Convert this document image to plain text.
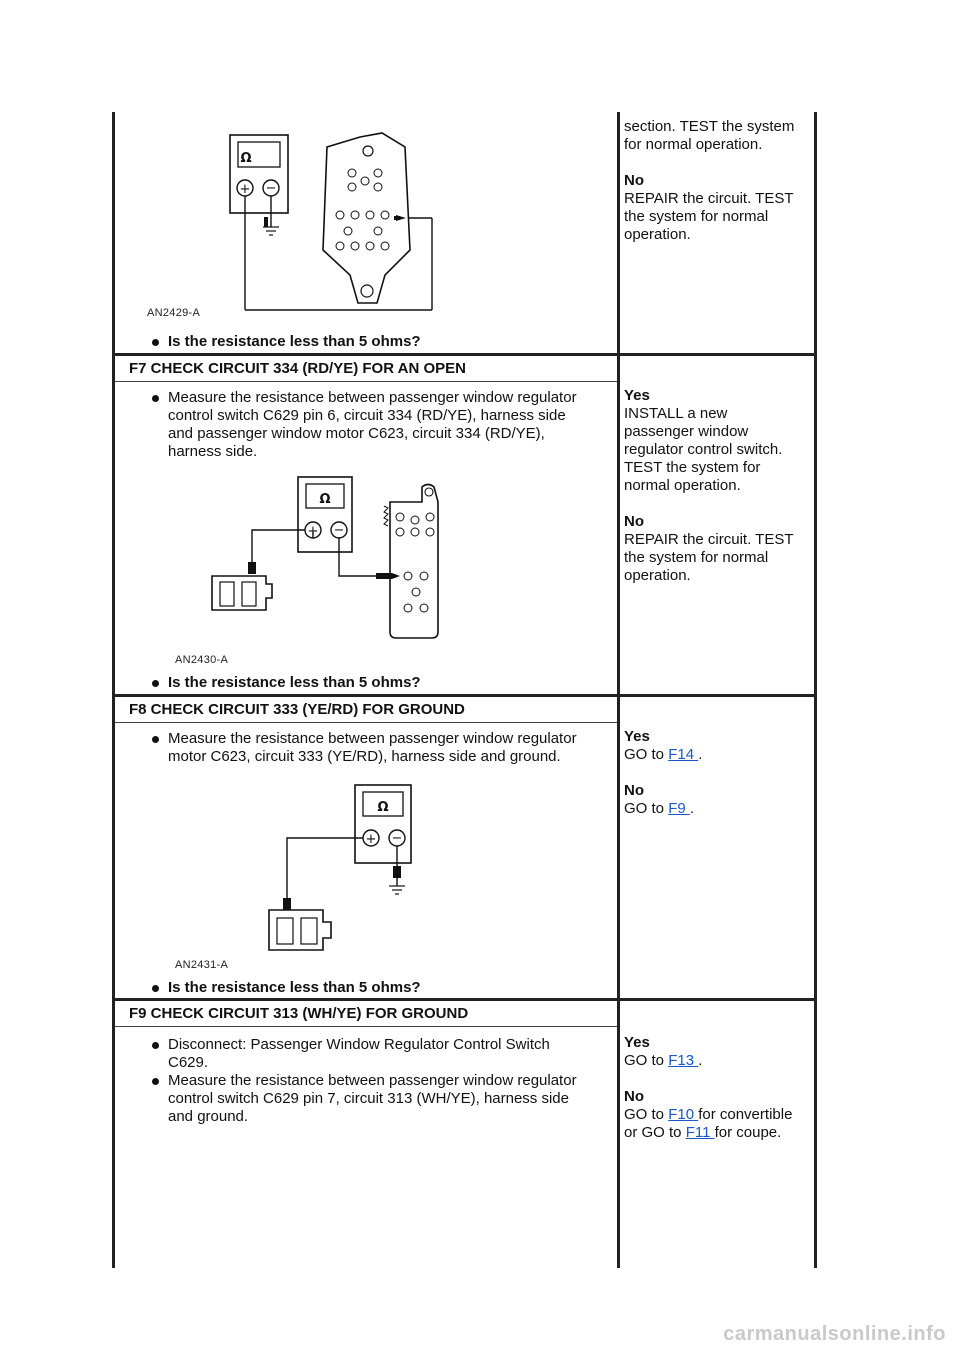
Ω
+ −
AN2429-A
Is the resistance less than 5 ohms?
section. TEST the system
for normal operation.
No
REPAIR the circuit. TEST
the system for normal
operation.
F7 CHECK CIRCUIT 334 (RD/YE) FOR AN OPEN
Measure the resistance between passenger window regulator
control switch C629 pin 6, circuit 334 (RD/YE), harness side
and passenger window motor C623, circuit 334 (RD/YE),
harness side.
Ω
+ −
AN2430-A
Is the resistance less than 5 ohms?
Yes
INSTALL a new
passenger window
regulator control switch.
TEST the system for
normal operation.
No
REPAIR the circuit. TEST
the system for normal
operation.
F8 CHECK CIRCUIT 333 (YE/RD) FOR GROUND
Measure the resistance between passenger window regulator
motor C623, circuit 333 (YE/RD), harness side and ground.
Ω
+ −
AN2431-A
Is the resistance less than 5 ohms?
Yes
GO to F14 .
No
GO to F9 .
F9 CHECK CIRCUIT 313 (WH/YE) FOR GROUND
Disconnect: Passenger Window Regulator Control Switch
C629.
Measure the resistance between passenger window regulator
control switch C629 pin 7, circuit 313 (WH/YE), harness side
and ground.
Yes
GO to F13 .
No
GO to F10 for convertible
or GO to F11 for coupe.
carmanualsonline.info
